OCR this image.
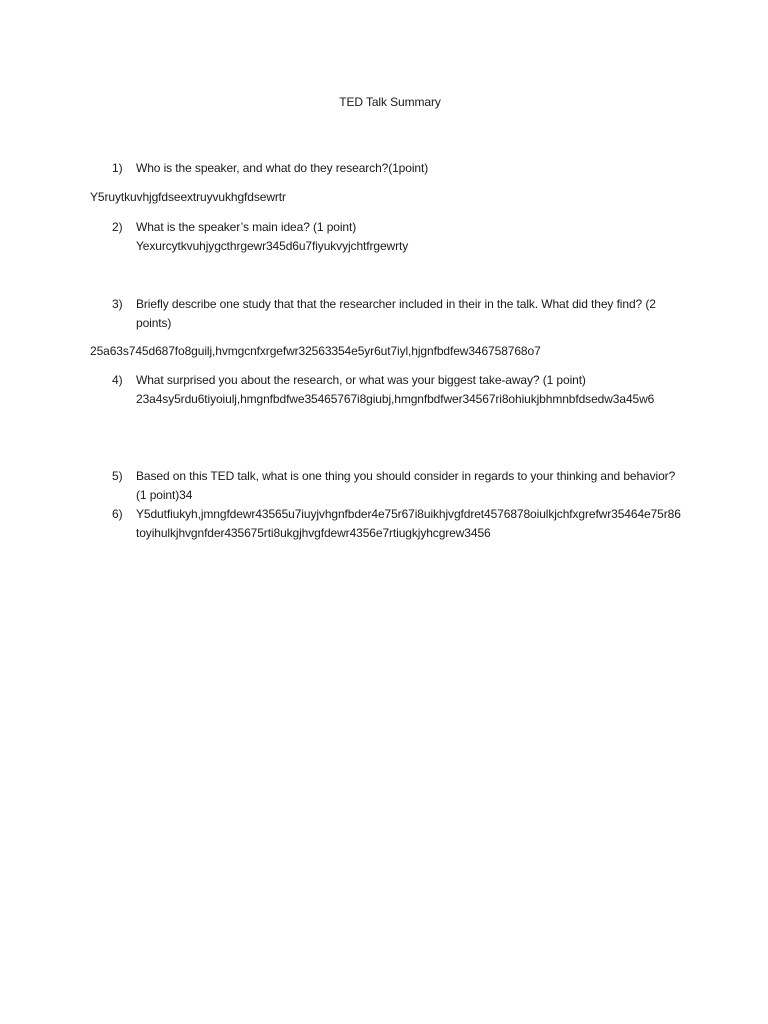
TED Talk Summary
1)	Who is the speaker, and what do they research?(1point)
Y5ruytkuvhjgfdseextruyvukhgfdsewrtr
2)	What is the speaker’s main idea? (1 point)
Yexurcytkvuhjygcthrgewr345d6u7fiyukvyjchtfrgewrty
3)	Briefly describe one study that that the researcher included in their in the talk. What did they find? (2 points)
25a63s745d687fo8guilj,hvmgcnfxrgefwr32563354e5yr6ut7iyl,hjgnfbdfew346758768o7
4)	What surprised you about the research, or what was your biggest take-away? (1 point)
23a4sy5rdu6tiyoiulj,hmgnfbdfwe35465767i8giubj,hmgnfbdfwer34567ri8ohiukjbhmnbfdsedw3a45w6
5)	Based on this TED talk, what is one thing you should consider in regards to your thinking and behavior? (1 point)34
6)	Y5dutfiukyh,jmngfdewr43565u7iuyjvhgnfbder4e75r67i8uikhjvgfdret4576878oiulkjchfxgrefwr35464e75r86toyihulkjhvgnfder435675rti8ukgjhvgfdewr4356e7rtiugkjyhcgrew3456
